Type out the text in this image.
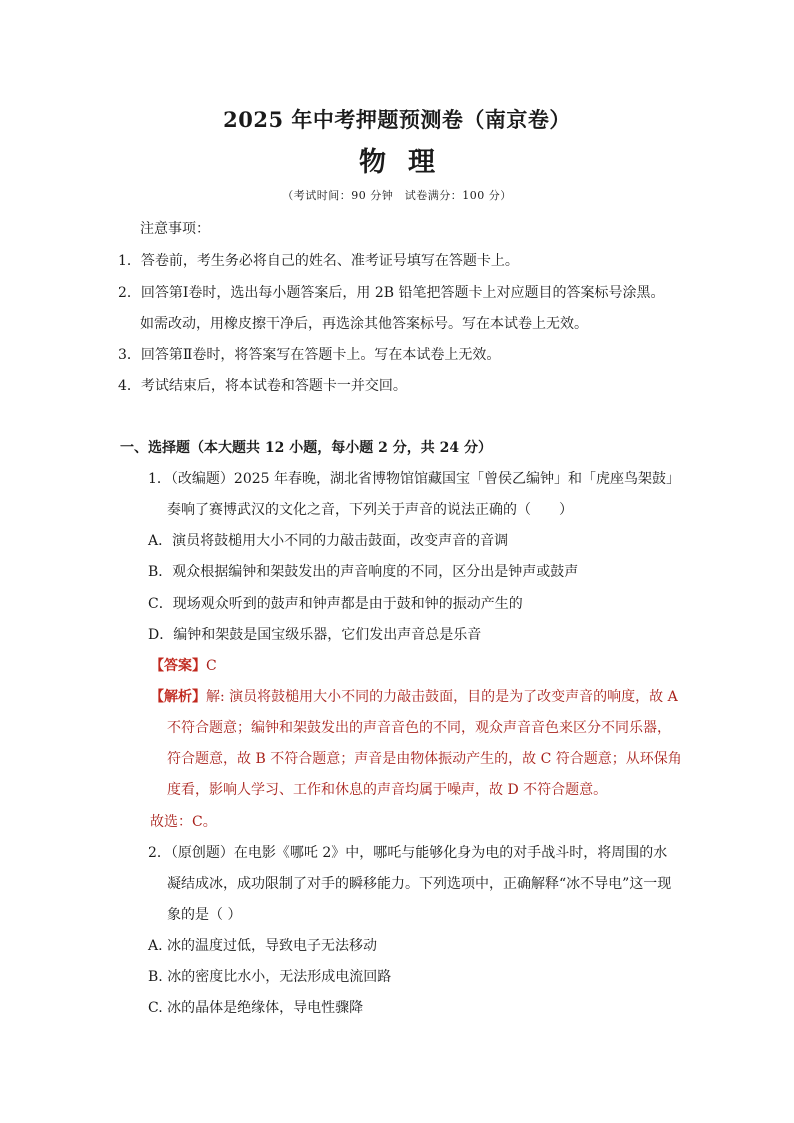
2025 年中考押题预测卷（南京卷）
物理
（考试时间：90 分钟　试卷满分：100 分）
注意事项：
1．答卷前，考生务必将自己的姓名、准考证号填写在答题卡上。
2．回答第Ⅰ卷时，选出每小题答案后，用 2B 铅笔把答题卡上对应题目的答案标号涂黑。
如需改动，用橡皮擦干净后，再选涂其他答案标号。写在本试卷上无效。
3．回答第Ⅱ卷时，将答案写在答题卡上。写在本试卷上无效。
4．考试结束后，将本试卷和答题卡一并交回。
一、选择题（本大题共 12 小题，每小题 2 分，共 24 分）
1．（改编题）2025 年春晚，湖北省博物馆馆藏国宝「曾侯乙编钟」和「虎座鸟架鼓」
奏响了赛博武汉的文化之音，下列关于声音的说法正确的（　　）
A．演员将鼓槌用大小不同的力敲击鼓面，改变声音的音调
B．观众根据编钟和架鼓发出的声音响度的不同，区分出是钟声或鼓声
C．现场观众听到的鼓声和钟声都是由于鼓和钟的振动产生的
D．编钟和架鼓是国宝级乐器，它们发出声音总是乐音
【答案】C
【解析】解: 演员将鼓槌用大小不同的力敲击鼓面，目的是为了改变声音的响度，故 A
不符合题意；编钟和架鼓发出的声音音色的不同，观众声音音色来区分不同乐器，
符合题意，故 B 不符合题意；声音是由物体振动产生的，故 C 符合题意；从环保角
度看，影响人学习、工作和休息的声音均属于噪声，故 D 不符合题意。
故选：C。
2．（原创题）在电影《哪吒 2》中，哪吒与能够化身为电的对手战斗时，将周围的水
凝结成冰，成功限制了对手的瞬移能力。下列选项中，正确解释“冰不导电”这一现
象的是（ ）
A. 冰的温度过低，导致电子无法移动
B. 冰的密度比水小，无法形成电流回路
C. 冰的晶体是绝缘体，导电性骤降
